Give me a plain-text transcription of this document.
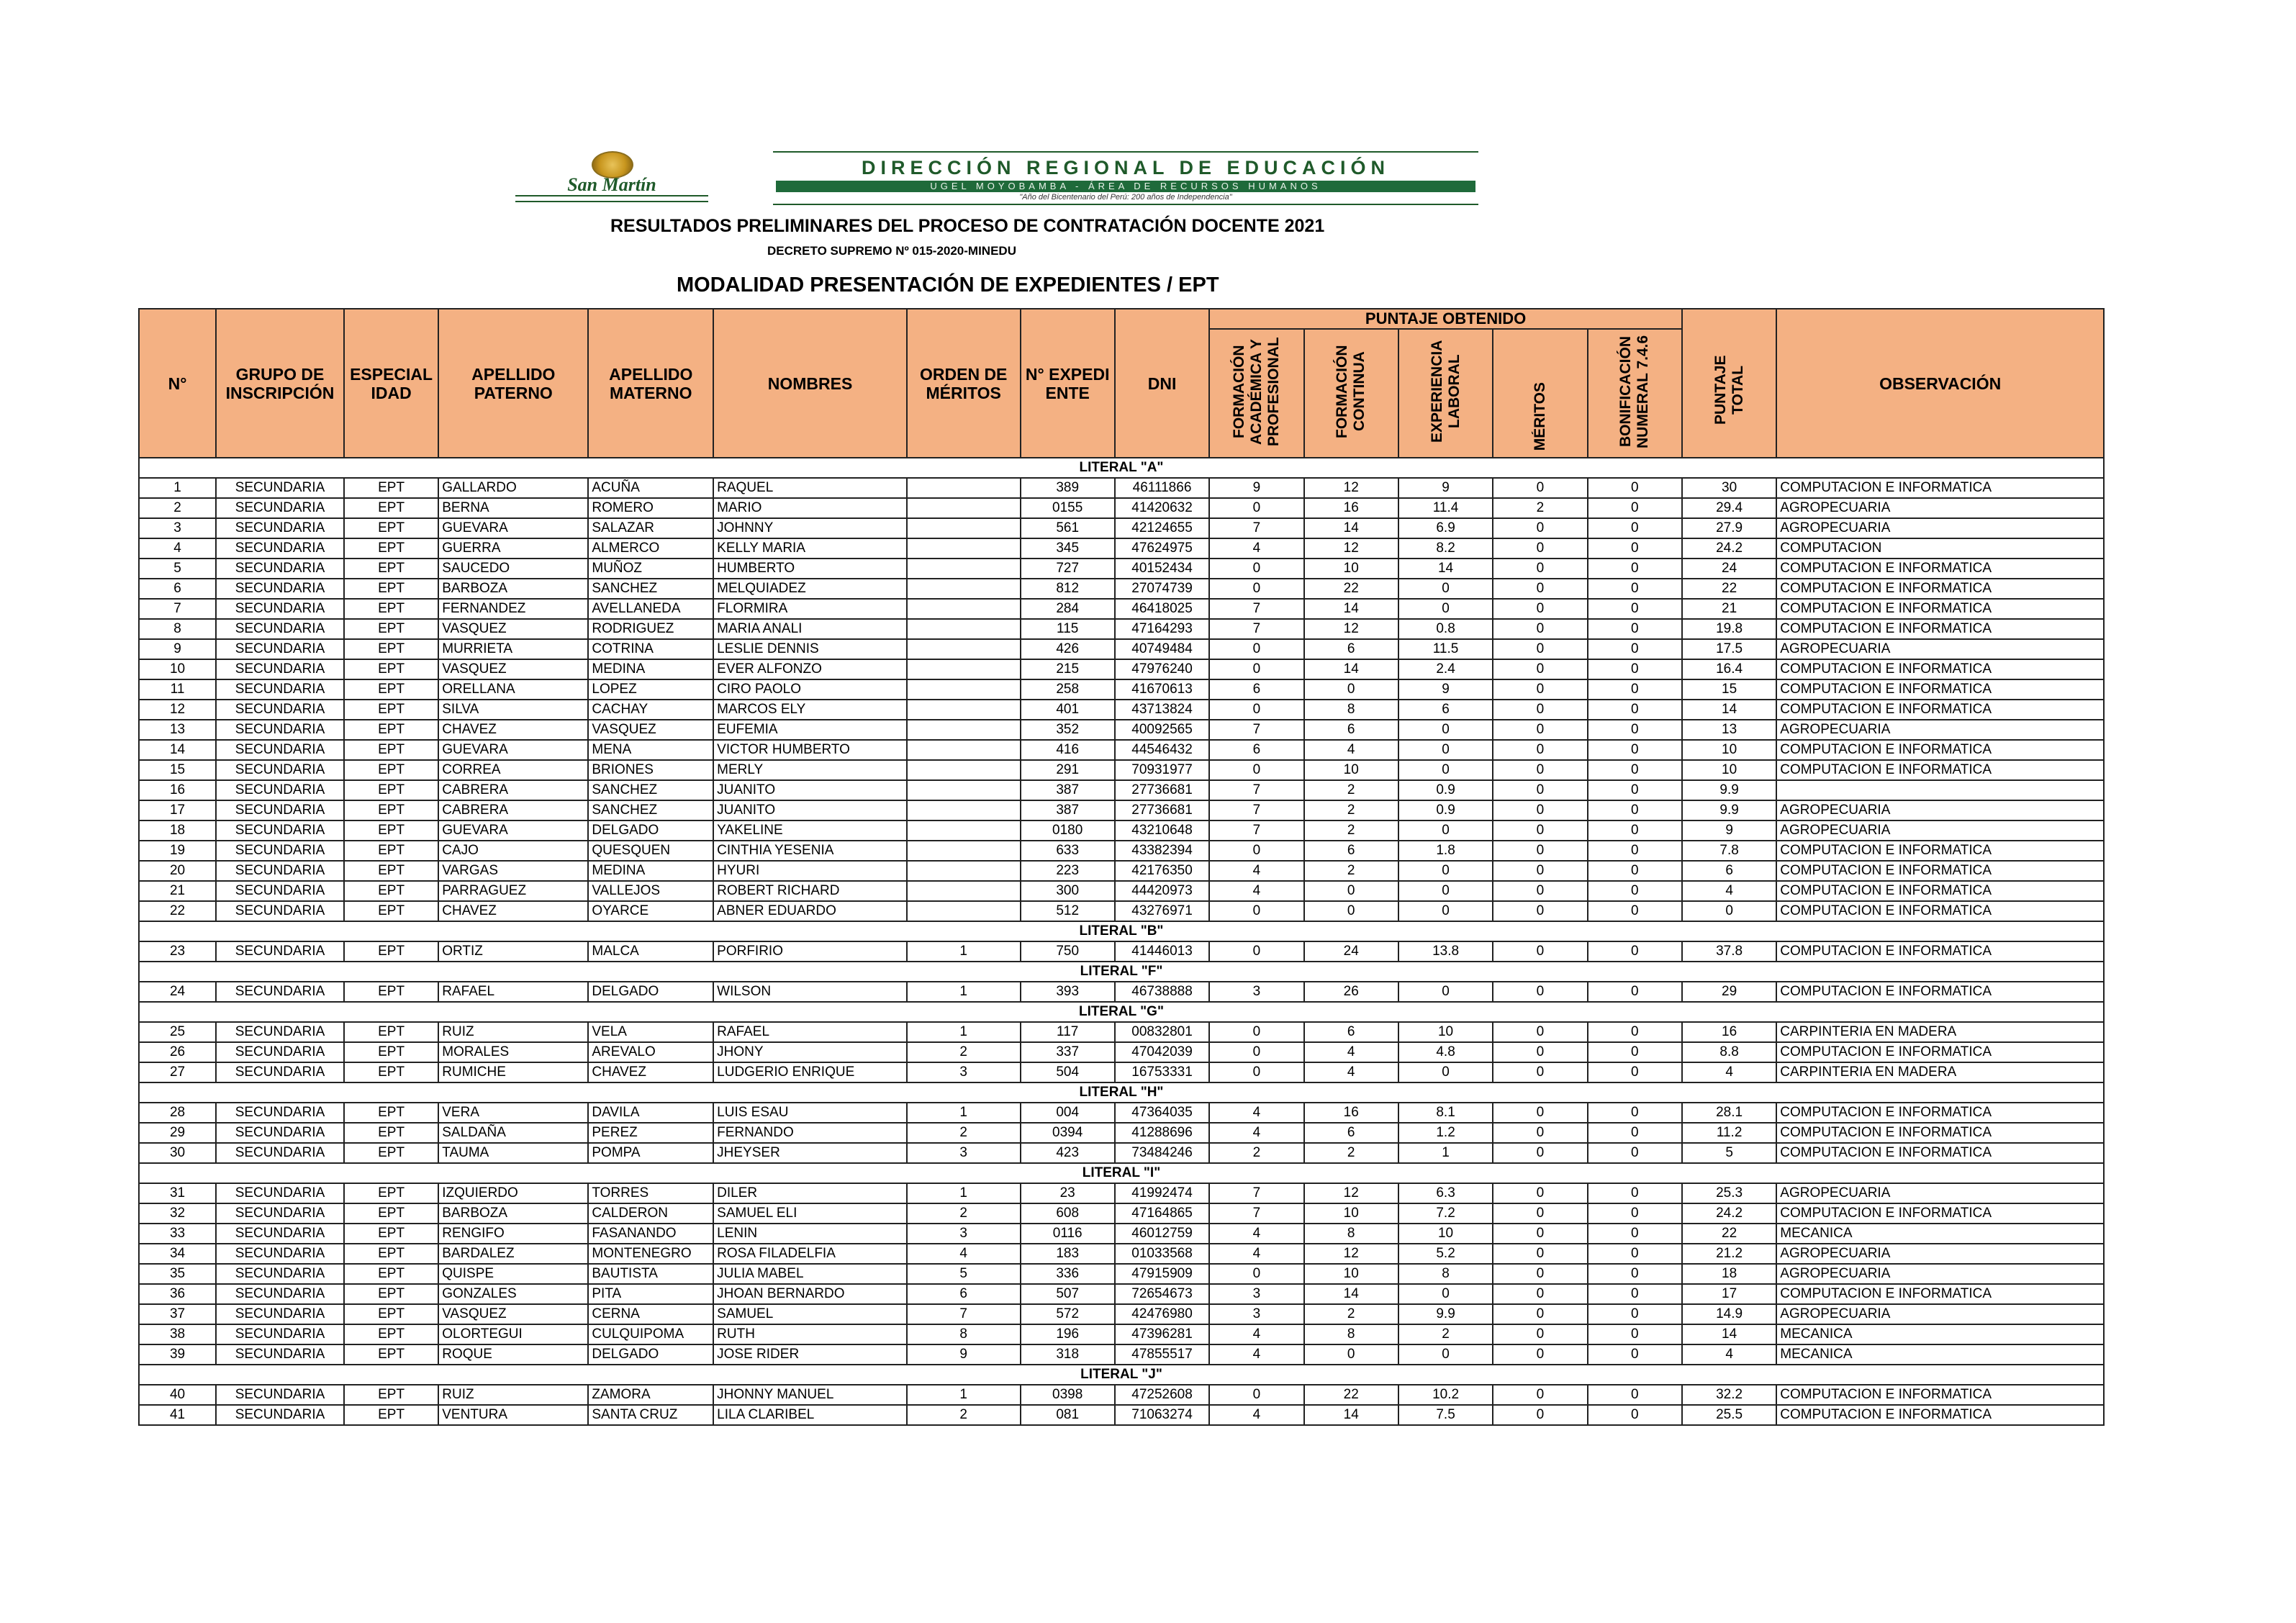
San Martín
DIRECCIÓN REGIONAL DE EDUCACIÓN
UGEL MOYOBAMBA - ÁREA DE RECURSOS HUMANOS
"Año del Bicentenario del Perú: 200 años de Independencia"
RESULTADOS PRELIMINARES DEL PROCESO DE CONTRATACIÓN DOCENTE 2021
DECRETO SUPREMO Nº 015-2020-MINEDU
MODALIDAD PRESENTACIÓN DE EXPEDIENTES / EPT
N°	GRUPO DE INSCRIPCIÓN	ESPECIALIDAD	APELLIDO PATERNO	APELLIDO MATERNO	NOMBRES	ORDEN DE MÉRITOS	N° EXPEDIENTE	DNI	PUNTAJE OBTENIDO					PUNTAJE TOTAL	OBSERVACIÓN
									FORMACIÓN ACADÉMICA Y PROFESIONAL	FORMACIÓN CONTINUA	EXPERIENCIA LABORAL	MÉRITOS	BONIFICACIÓN NUMERAL 7.4.6		
LITERAL "A"															
1	SECUNDARIA	EPT	GALLARDO	ACUÑA	RAQUEL		389	46111866	9	12	9	0	0	30	COMPUTACION E INFORMATICA
2	SECUNDARIA	EPT	BERNA	ROMERO	MARIO		0155	41420632	0	16	11.4	2	0	29.4	AGROPECUARIA
3	SECUNDARIA	EPT	GUEVARA	SALAZAR	JOHNNY		561	42124655	7	14	6.9	0	0	27.9	AGROPECUARIA
4	SECUNDARIA	EPT	GUERRA	ALMERCO	KELLY MARIA		345	47624975	4	12	8.2	0	0	24.2	COMPUTACION
5	SECUNDARIA	EPT	SAUCEDO	MUÑOZ	HUMBERTO		727	40152434	0	10	14	0	0	24	COMPUTACION E INFORMATICA
6	SECUNDARIA	EPT	BARBOZA	SANCHEZ	MELQUIADEZ		812	27074739	0	22	0	0	0	22	COMPUTACION E INFORMATICA
7	SECUNDARIA	EPT	FERNANDEZ	AVELLANEDA	FLORMIRA		284	46418025	7	14	0	0	0	21	COMPUTACION E INFORMATICA
8	SECUNDARIA	EPT	VASQUEZ	RODRIGUEZ	MARIA ANALI		115	47164293	7	12	0.8	0	0	19.8	COMPUTACION E INFORMATICA
9	SECUNDARIA	EPT	MURRIETA	COTRINA	LESLIE DENNIS		426	40749484	0	6	11.5	0	0	17.5	AGROPECUARIA
10	SECUNDARIA	EPT	VASQUEZ	MEDINA	EVER ALFONZO		215	47976240	0	14	2.4	0	0	16.4	COMPUTACION E INFORMATICA
11	SECUNDARIA	EPT	ORELLANA	LOPEZ	CIRO PAOLO		258	41670613	6	0	9	0	0	15	COMPUTACION E INFORMATICA
12	SECUNDARIA	EPT	SILVA	CACHAY	MARCOS ELY		401	43713824	0	8	6	0	0	14	COMPUTACION E INFORMATICA
13	SECUNDARIA	EPT	CHAVEZ	VASQUEZ	EUFEMIA		352	40092565	7	6	0	0	0	13	AGROPECUARIA
14	SECUNDARIA	EPT	GUEVARA	MENA	VICTOR HUMBERTO		416	44546432	6	4	0	0	0	10	COMPUTACION E INFORMATICA
15	SECUNDARIA	EPT	CORREA	BRIONES	MERLY		291	70931977	0	10	0	0	0	10	COMPUTACION E INFORMATICA
16	SECUNDARIA	EPT	CABRERA	SANCHEZ	JUANITO		387	27736681	7	2	0.9	0	0	9.9	
17	SECUNDARIA	EPT	CABRERA	SANCHEZ	JUANITO		387	27736681	7	2	0.9	0	0	9.9	AGROPECUARIA
18	SECUNDARIA	EPT	GUEVARA	DELGADO	YAKELINE		0180	43210648	7	2	0	0	0	9	AGROPECUARIA
19	SECUNDARIA	EPT	CAJO	QUESQUEN	CINTHIA YESENIA		633	43382394	0	6	1.8	0	0	7.8	COMPUTACION E INFORMATICA
20	SECUNDARIA	EPT	VARGAS	MEDINA	HYURI		223	42176350	4	2	0	0	0	6	COMPUTACION E INFORMATICA
21	SECUNDARIA	EPT	PARRAGUEZ	VALLEJOS	ROBERT RICHARD		300	44420973	4	0	0	0	0	4	COMPUTACION E INFORMATICA
22	SECUNDARIA	EPT	CHAVEZ	OYARCE	ABNER EDUARDO		512	43276971	0	0	0	0	0	0	COMPUTACION E INFORMATICA
LITERAL "B"															
23	SECUNDARIA	EPT	ORTIZ	MALCA	PORFIRIO	1	750	41446013	0	24	13.8	0	0	37.8	COMPUTACION E INFORMATICA
LITERAL "F"															
24	SECUNDARIA	EPT	RAFAEL	DELGADO	WILSON	1	393	46738888	3	26	0	0	0	29	COMPUTACION E INFORMATICA
LITERAL "G"															
25	SECUNDARIA	EPT	RUIZ	VELA	RAFAEL	1	117	00832801	0	6	10	0	0	16	CARPINTERIA EN MADERA
26	SECUNDARIA	EPT	MORALES	AREVALO	JHONY	2	337	47042039	0	4	4.8	0	0	8.8	COMPUTACION E INFORMATICA
27	SECUNDARIA	EPT	RUMICHE	CHAVEZ	LUDGERIO ENRIQUE	3	504	16753331	0	4	0	0	0	4	CARPINTERIA EN MADERA
LITERAL "H"															
28	SECUNDARIA	EPT	VERA	DAVILA	LUIS ESAU	1	004	47364035	4	16	8.1	0	0	28.1	COMPUTACION E INFORMATICA
29	SECUNDARIA	EPT	SALDAÑA	PEREZ	FERNANDO	2	0394	41288696	4	6	1.2	0	0	11.2	COMPUTACION E INFORMATICA
30	SECUNDARIA	EPT	TAUMA	POMPA	JHEYSER	3	423	73484246	2	2	1	0	0	5	COMPUTACION E INFORMATICA
LITERAL "I"															
31	SECUNDARIA	EPT	IZQUIERDO	TORRES	DILER	1	23	41992474	7	12	6.3	0	0	25.3	AGROPECUARIA
32	SECUNDARIA	EPT	BARBOZA	CALDERON	SAMUEL ELI	2	608	47164865	7	10	7.2	0	0	24.2	COMPUTACION E INFORMATICA
33	SECUNDARIA	EPT	RENGIFO	FASANANDO	LENIN	3	0116	46012759	4	8	10	0	0	22	MECANICA
34	SECUNDARIA	EPT	BARDALEZ	MONTENEGRO	ROSA FILADELFIA	4	183	01033568	4	12	5.2	0	0	21.2	AGROPECUARIA
35	SECUNDARIA	EPT	QUISPE	BAUTISTA	JULIA MABEL	5	336	47915909	0	10	8	0	0	18	AGROPECUARIA
36	SECUNDARIA	EPT	GONZALES	PITA	JHOAN BERNARDO	6	507	72654673	3	14	0	0	0	17	COMPUTACION E INFORMATICA
37	SECUNDARIA	EPT	VASQUEZ	CERNA	SAMUEL	7	572	42476980	3	2	9.9	0	0	14.9	AGROPECUARIA
38	SECUNDARIA	EPT	OLORTEGUI	CULQUIPOMA	RUTH	8	196	47396281	4	8	2	0	0	14	MECANICA
39	SECUNDARIA	EPT	ROQUE	DELGADO	JOSE RIDER	9	318	47855517	4	0	0	0	0	4	MECANICA
LITERAL "J"															
40	SECUNDARIA	EPT	RUIZ	ZAMORA	JHONNY MANUEL	1	0398	47252608	0	22	10.2	0	0	32.2	COMPUTACION E INFORMATICA
41	SECUNDARIA	EPT	VENTURA	SANTA CRUZ	LILA CLARIBEL	2	081	71063274	4	14	7.5	0	0	25.5	COMPUTACION E INFORMATICA
